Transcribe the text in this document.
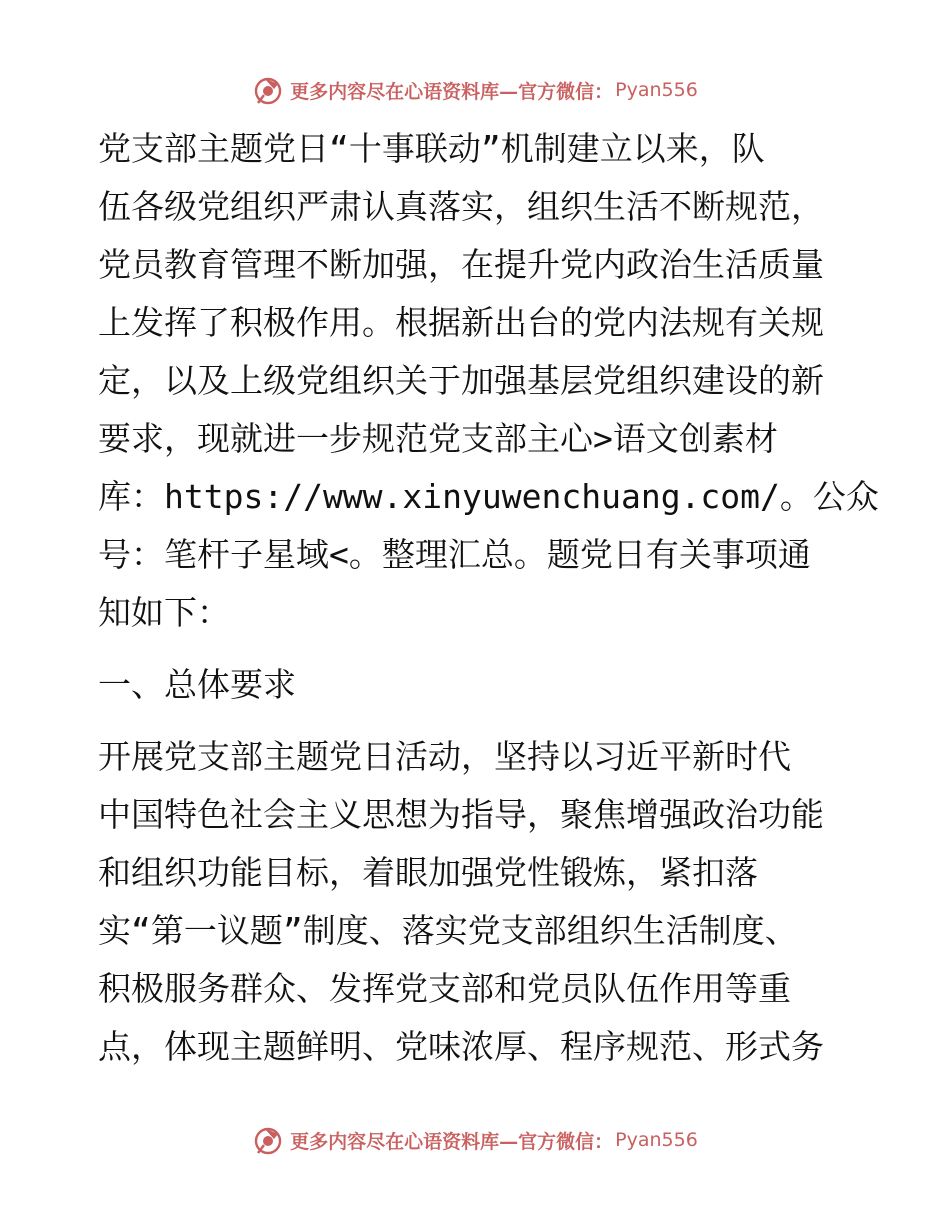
更多内容尽在心语资料库—官方微信： Pyan556

党支部主题党日“十事联动”机制建立以来，队
伍各级党组织严肃认真落实，组织生活不断规范，
党员教育管理不断加强，在提升党内政治生活质量
上发挥了积极作用。根据新出台的党内法规有关规
定，以及上级党组织关于加强基层党组织建设的新
要求，现就进一步规范党支部主心>语文创素材
库：https://www.xinyuwenchuang.com/。公众
号：笔杆子星域<。整理汇总。题党日有关事项通
知如下：

一、总体要求

开展党支部主题党日活动，坚持以习近平新时代
中国特色社会主义思想为指导，聚焦增强政治功能
和组织功能目标，着眼加强党性锻炼，紧扣落
实“第一议题”制度、落实党支部组织生活制度、
积极服务群众、发挥党支部和党员队伍作用等重
点，体现主题鲜明、党味浓厚、程序规范、形式务

更多内容尽在心语资料库—官方微信： Pyan556
